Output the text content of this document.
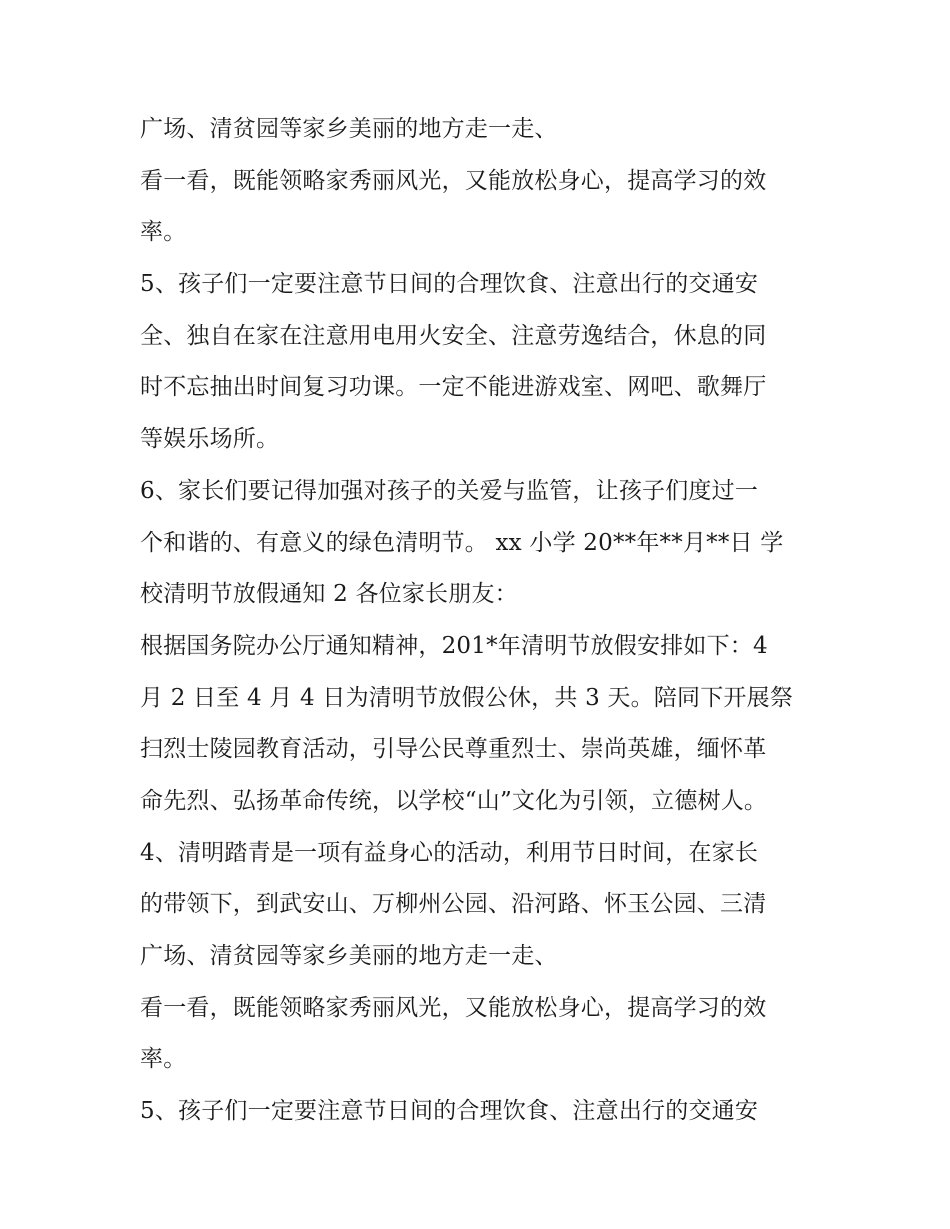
广场、清贫园等家乡美丽的地方走一走、
看一看，既能领略家秀丽风光，又能放松身心，提高学习的效
率。
5、孩子们一定要注意节日间的合理饮食、注意出行的交通安
全、独自在家在注意用电用火安全、注意劳逸结合，休息的同
时不忘抽出时间复习功课。一定不能进游戏室、网吧、歌舞厅
等娱乐场所。
6、家长们要记得加强对孩子的关爱与监管，让孩子们度过一
个和谐的、有意义的绿色清明节。 xx 小学 20**年**月**日 学
校清明节放假通知 2 各位家长朋友：
根据国务院办公厅通知精神，201*年清明节放假安排如下：4
月 2 日至 4 月 4 日为清明节放假公休，共 3 天。陪同下开展祭
扫烈士陵园教育活动，引导公民尊重烈士、崇尚英雄，缅怀革
命先烈、弘扬革命传统，以学校“山”文化为引领，立德树人。
4、清明踏青是一项有益身心的活动，利用节日时间，在家长
的带领下，到武安山、万柳州公园、沿河路、怀玉公园、三清
广场、清贫园等家乡美丽的地方走一走、
看一看，既能领略家秀丽风光，又能放松身心，提高学习的效
率。
5、孩子们一定要注意节日间的合理饮食、注意出行的交通安
